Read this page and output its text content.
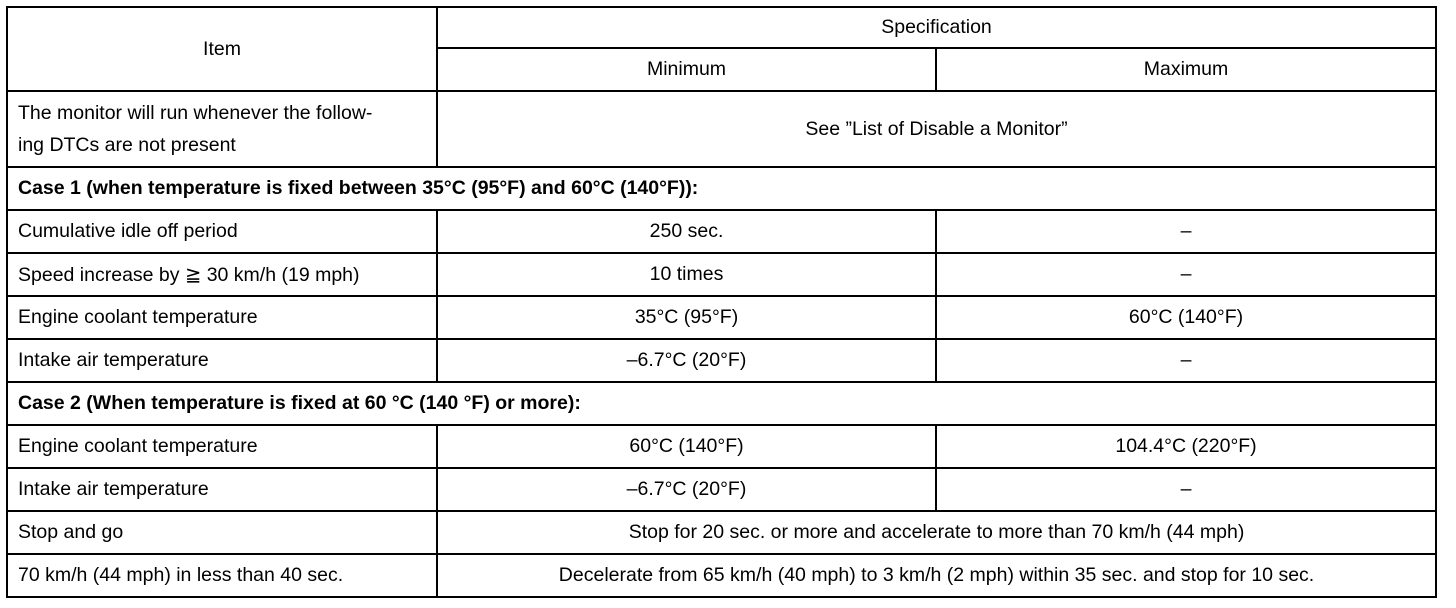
Item	Specification	
	Minimum	Maximum
The monitor will run whenever the follow-
ing DTCs are not present	See ”List of Disable a Monitor”	
Case 1 (when temperature is fixed between 35°C (95°F) and 60°C (140°F)):		
Cumulative idle off period	250 sec.	–
Speed increase by ≧ 30 km/h (19 mph)	10 times	–
Engine coolant temperature	35°C (95°F)	60°C (140°F)
Intake air temperature	–6.7°C (20°F)	–
Case 2 (When temperature is fixed at 60 °C (140 °F) or more):		
Engine coolant temperature	60°C (140°F)	104.4°C (220°F)
Intake air temperature	–6.7°C (20°F)	–
Stop and go	Stop for 20 sec. or more and accelerate to more than 70 km/h (44 mph)	
70 km/h (44 mph) in less than 40 sec.	Decelerate from 65 km/h (40 mph) to 3 km/h (2 mph) within 35 sec. and stop for 10 sec.	
